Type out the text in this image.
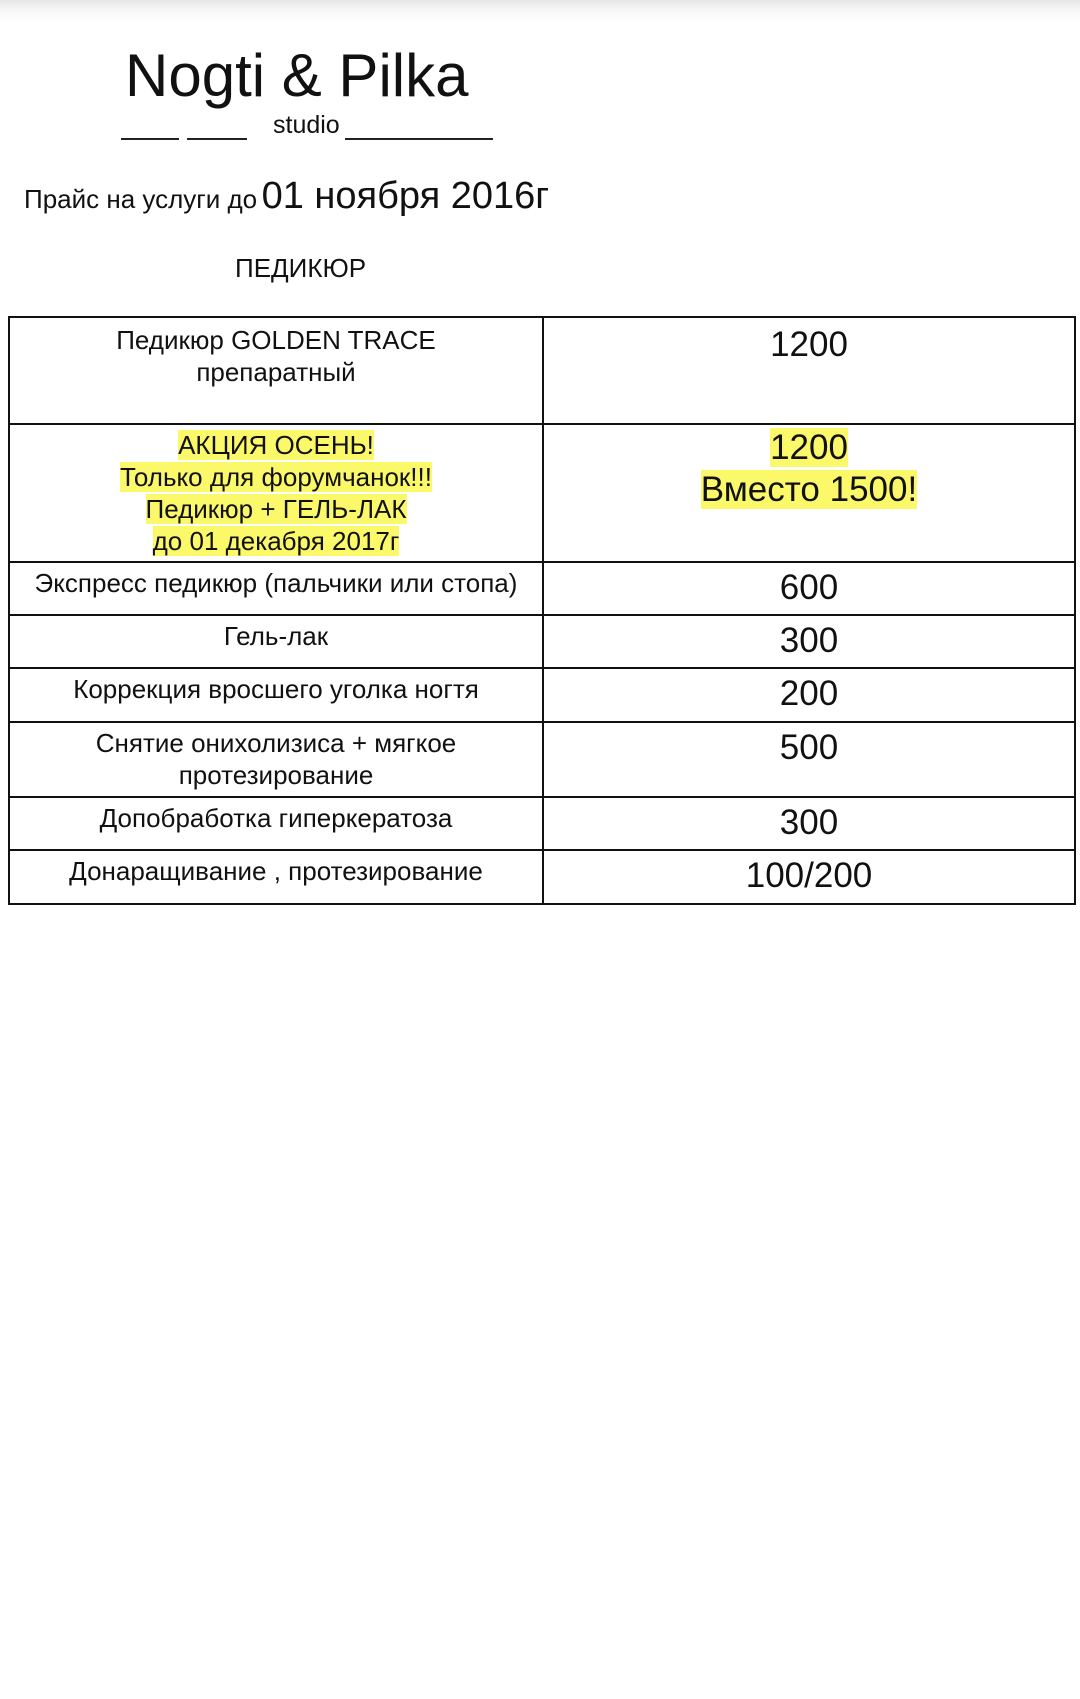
Nogti & Pilka
studio
Прайс на услуги до 01 ноября 2016г
ПЕДИКЮР
Педикюр GOLDEN TRACE
препаратный	1200

АКЦИЯ ОСЕНЬ!
Только для форумчанок!!!
Педикюр + ГЕЛЬ-ЛАК
до 01 декабря 2017г	1200
Вместо 1500!

Экспресс педикюр (пальчики или стопа)	600

Гель-лак	300

Коррекция вросшего уголка ногтя	200

Снятие онихолизиса + мягкое
протезирование	500

Допобработка гиперкератоза	300

Донаращивание , протезирование	100/200
